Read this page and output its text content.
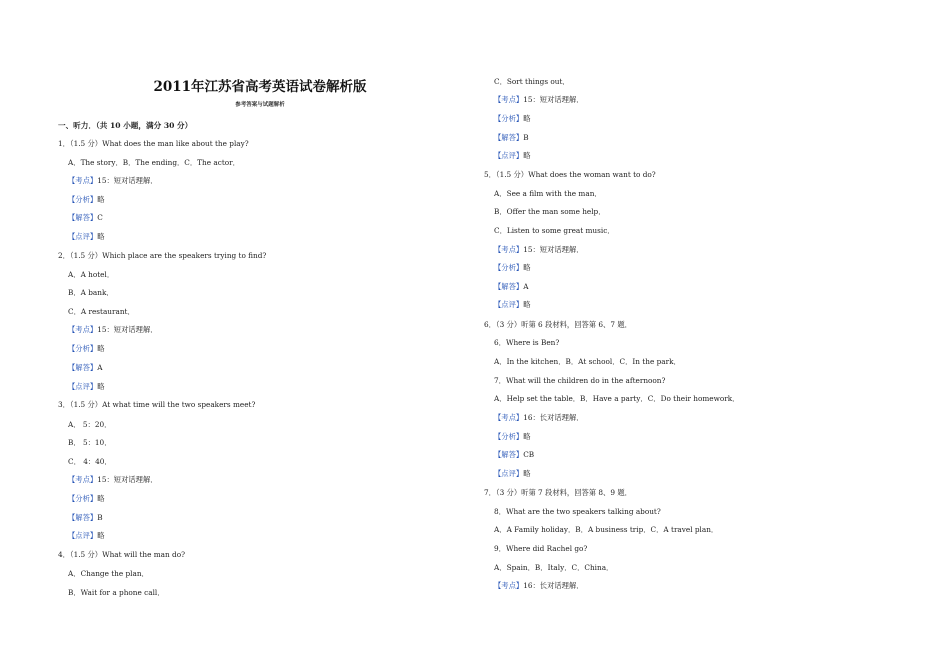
2011年江苏省高考英语试卷解析版
参考答案与试题解析
一、听力．（共 10 小题，满分 30 分）
1．（1.5 分）What does the man like about the play?
A．The story．B．The ending．C．The actor．
【考点】15：短对话理解．
【分析】略
【解答】C
【点评】略
2．（1.5 分）Which place are the speakers trying to find?
A．A hotel．
B．A bank．
C．A restaurant．
【考点】15：短对话理解．
【分析】略
【解答】A
【点评】略
3．（1.5 分）At what time will the two speakers meet?
A． 5：20．
B． 5：10．
C． 4：40．
【考点】15：短对话理解．
【分析】略
【解答】B
【点评】略
4．（1.5 分）What will the man do?
A．Change the plan．
B．Wait for a phone call．
C．Sort things out．
【考点】15：短对话理解．
【分析】略
【解答】B
【点评】略
5．（1.5 分）What does the woman want to do?
A．See a film with the man．
B．Offer the man some help．
C．Listen to some great music．
【考点】15：短对话理解．
【分析】略
【解答】A
【点评】略
6．（3 分）听第 6 段材料，回答第 6、7 题．
6．Where is Ben?
A．In the kitchen．B．At school．C．In the park．
7．What will the children do in the afternoon?
A．Help set the table．B．Have a party．C．Do their homework．
【考点】16：长对话理解．
【分析】略
【解答】CB
【点评】略
7．（3 分）听第 7 段材料，回答第 8、9 题．
8．What are the two speakers talking about?
A．A Family holiday．B．A business trip．C．A travel plan．
9．Where did Rachel go?
A．Spain．B．Italy．C．China．
【考点】16：长对话理解．
